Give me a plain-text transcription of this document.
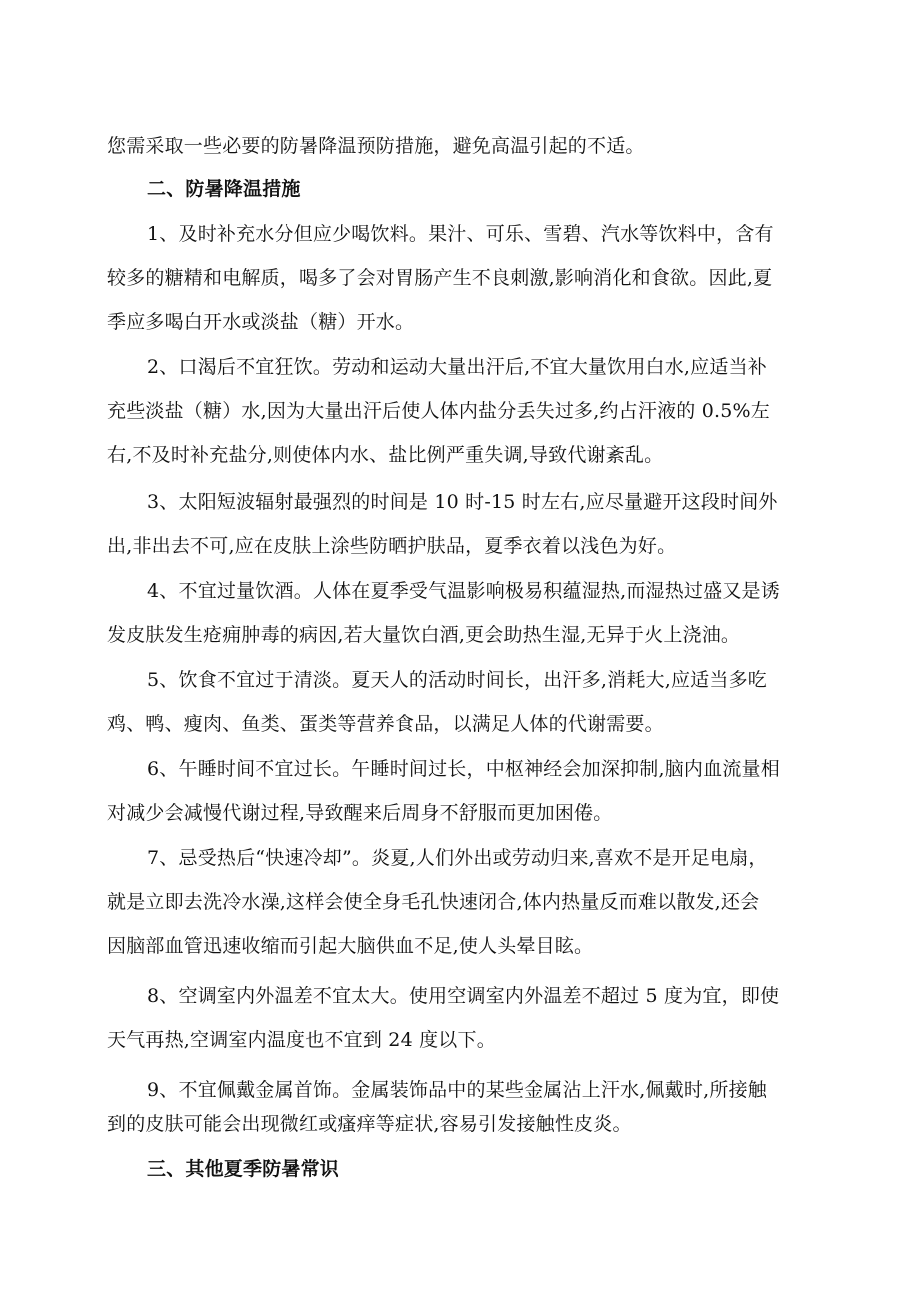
您需采取一些必要的防暑降温预防措施，避免高温引起的不适。
二、防暑降温措施
1、及时补充水分但应少喝饮料。果汁、可乐、雪碧、汽水等饮料中，含有
较多的糖精和电解质，喝多了会对胃肠产生不良刺激,影响消化和食欲。因此,夏
季应多喝白开水或淡盐（糖）开水。
2、口渴后不宜狂饮。劳动和运动大量出汗后,不宜大量饮用白水,应适当补
充些淡盐（糖）水,因为大量出汗后使人体内盐分丢失过多,约占汗液的 0.5%左
右,不及时补充盐分,则使体内水、盐比例严重失调,导致代谢紊乱。
3、太阳短波辐射最强烈的时间是 10 时-15 时左右,应尽量避开这段时间外
出,非出去不可,应在皮肤上涂些防晒护肤品，夏季衣着以浅色为好。
4、不宜过量饮酒。人体在夏季受气温影响极易积蕴湿热,而湿热过盛又是诱
发皮肤发生疮痈肿毒的病因,若大量饮白酒,更会助热生湿,无异于火上浇油。
5、饮食不宜过于清淡。夏天人的活动时间长，出汗多,消耗大,应适当多吃
鸡、鸭、瘦肉、鱼类、蛋类等营养食品，以满足人体的代谢需要。
6、午睡时间不宜过长。午睡时间过长，中枢神经会加深抑制,脑内血流量相
对减少会减慢代谢过程,导致醒来后周身不舒服而更加困倦。
7、忌受热后“快速冷却”。炎夏,人们外出或劳动归来,喜欢不是开足电扇，
就是立即去洗冷水澡,这样会使全身毛孔快速闭合,体内热量反而难以散发,还会
因脑部血管迅速收缩而引起大脑供血不足,使人头晕目眩。
8、空调室内外温差不宜太大。使用空调室内外温差不超过 5 度为宜，即使
天气再热,空调室内温度也不宜到 24 度以下。
9、不宜佩戴金属首饰。金属装饰品中的某些金属沾上汗水,佩戴时,所接触
到的皮肤可能会出现微红或瘙痒等症状,容易引发接触性皮炎。
三、其他夏季防暑常识
